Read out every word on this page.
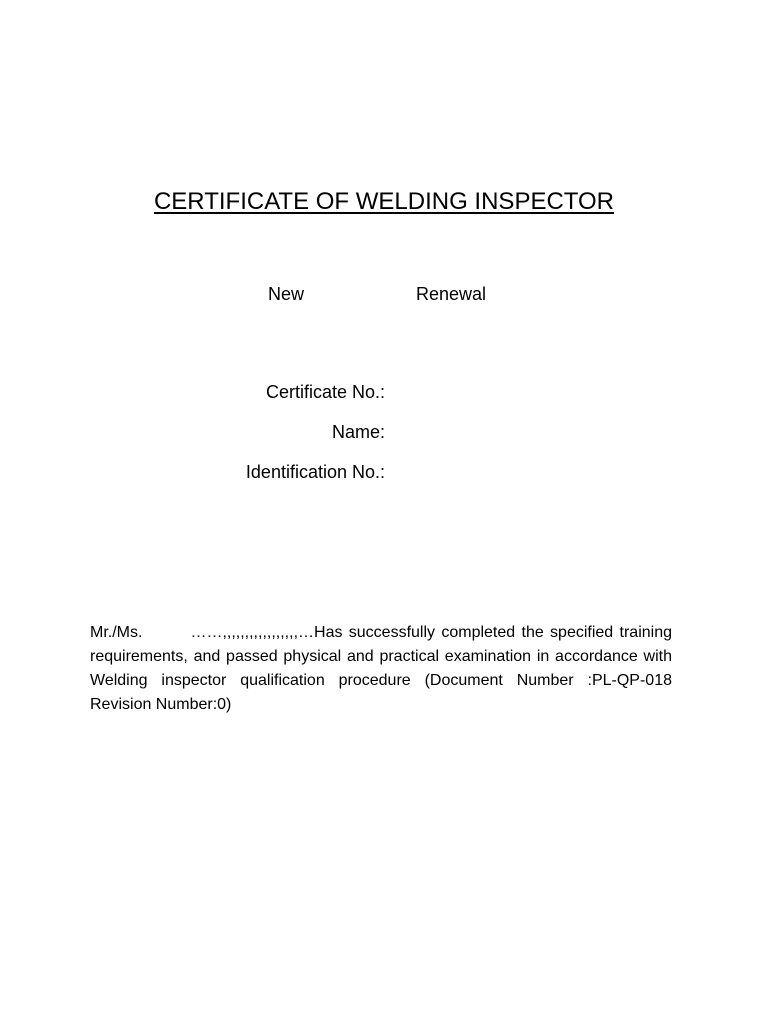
CERTIFICATE OF WELDING INSPECTOR
New	Renewal
Certificate No.:
Name:
Identification No.:
Mr./Ms.	……,,,,,,,,,,,,,,,,,…Has successfully completed the specified training requirements, and passed physical and practical examination in accordance with Welding inspector qualification procedure (Document Number :PL-QP-018 Revision Number:0)
